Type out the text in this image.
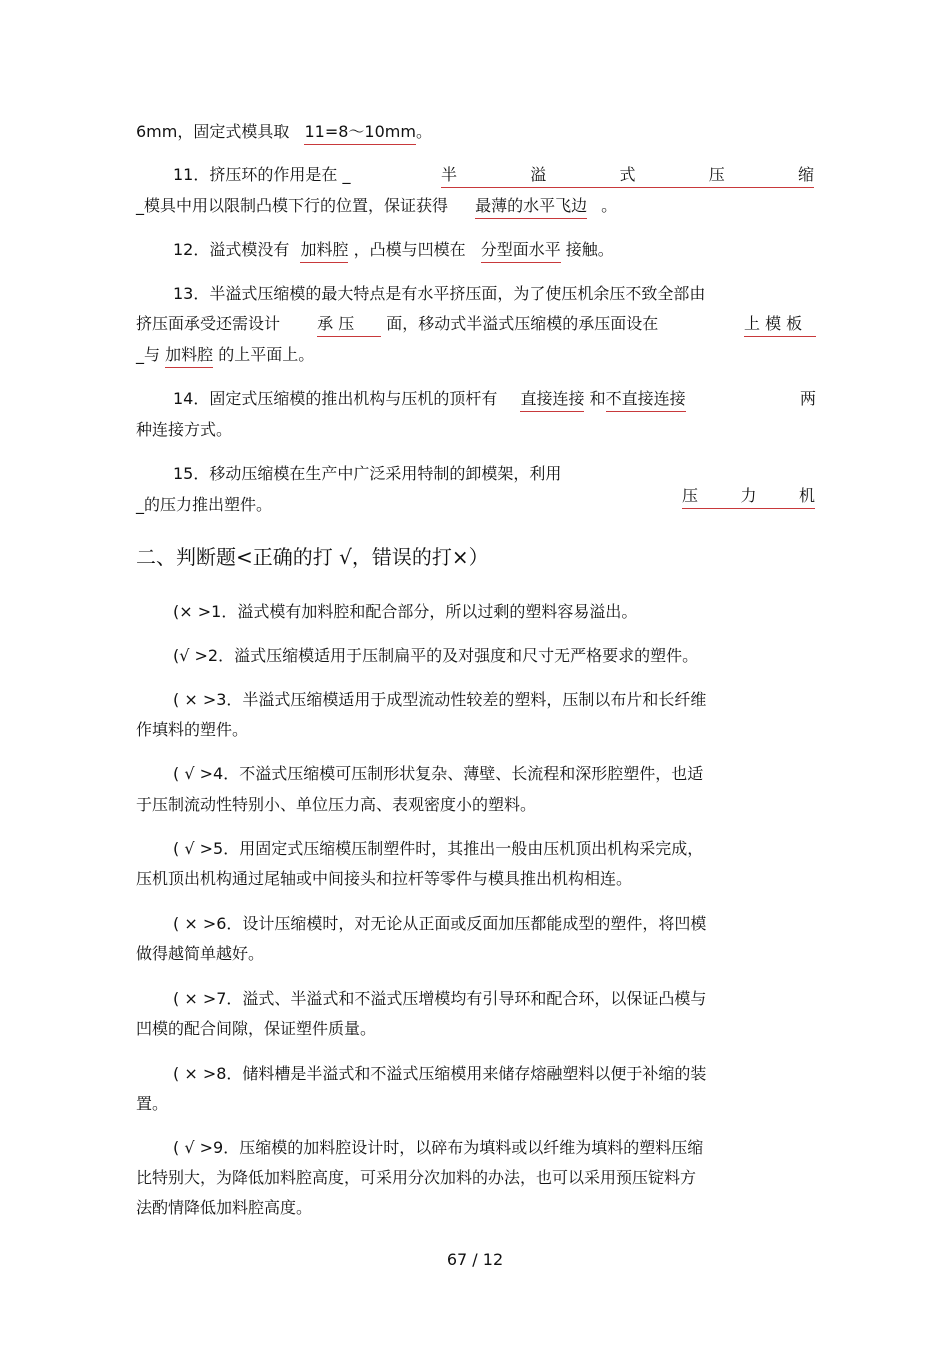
6mm，固定式模具取 11=8～10mm。
11．挤压环的作用是在 _	半	溢	式	压	缩
_模具中用以限制凸模下行的位置，保证获得 最薄的水平飞边 。
12．溢式模没有 加料腔 ，凸模与凹模在 分型面水平 接触。
13．半溢式压缩模的最大特点是有水平挤压面，为了使压机余压不致全部由
挤压面承受还需设计 承 压 面，移动式半溢式压缩模的承压面设在	上 模 板
_与 加料腔 的上平面上。
14．固定式压缩模的推出机构与压机的顶杆有 直接连接 和不直接连接	两
种连接方式。
15．移动压缩模在生产中广泛采用特制的卸模架，利用
压	力	机
_的压力推出塑件。
二、判断题<正确的打 √，错误的打×）
(× >1．溢式模有加料腔和配合部分，所以过剩的塑料容易溢出。
(√ >2．溢式压缩模适用于压制扁平的及对强度和尺寸无严格要求的塑件。
( × >3．半溢式压缩模适用于成型流动性较差的塑料，压制以布片和长纤维
作填料的塑件。
( √ >4．不溢式压缩模可压制形状复杂、薄壁、长流程和深形腔塑件，也适
于压制流动性特别小、单位压力高、表观密度小的塑料。
( √ >5．用固定式压缩模压制塑件时，其推出一般由压机顶出机构采完成，
压机顶出机构通过尾轴或中间接头和拉杆等零件与模具推出机构相连。
( × >6．设计压缩模时，对无论从正面或反面加压都能成型的塑件，将凹模
做得越简单越好。
( × >7．溢式、半溢式和不溢式压增模均有引导环和配合环，以保证凸模与
凹模的配合间隙，保证塑件质量。
( × >8．储料槽是半溢式和不溢式压缩模用来储存熔融塑料以便于补缩的装
置。
( √ >9．压缩模的加料腔设计时，以碎布为填料或以纤维为填料的塑料压缩
比特别大，为降低加料腔高度，可采用分次加料的办法，也可以采用预压锭料方
法酌情降低加料腔高度。
67 / 12
